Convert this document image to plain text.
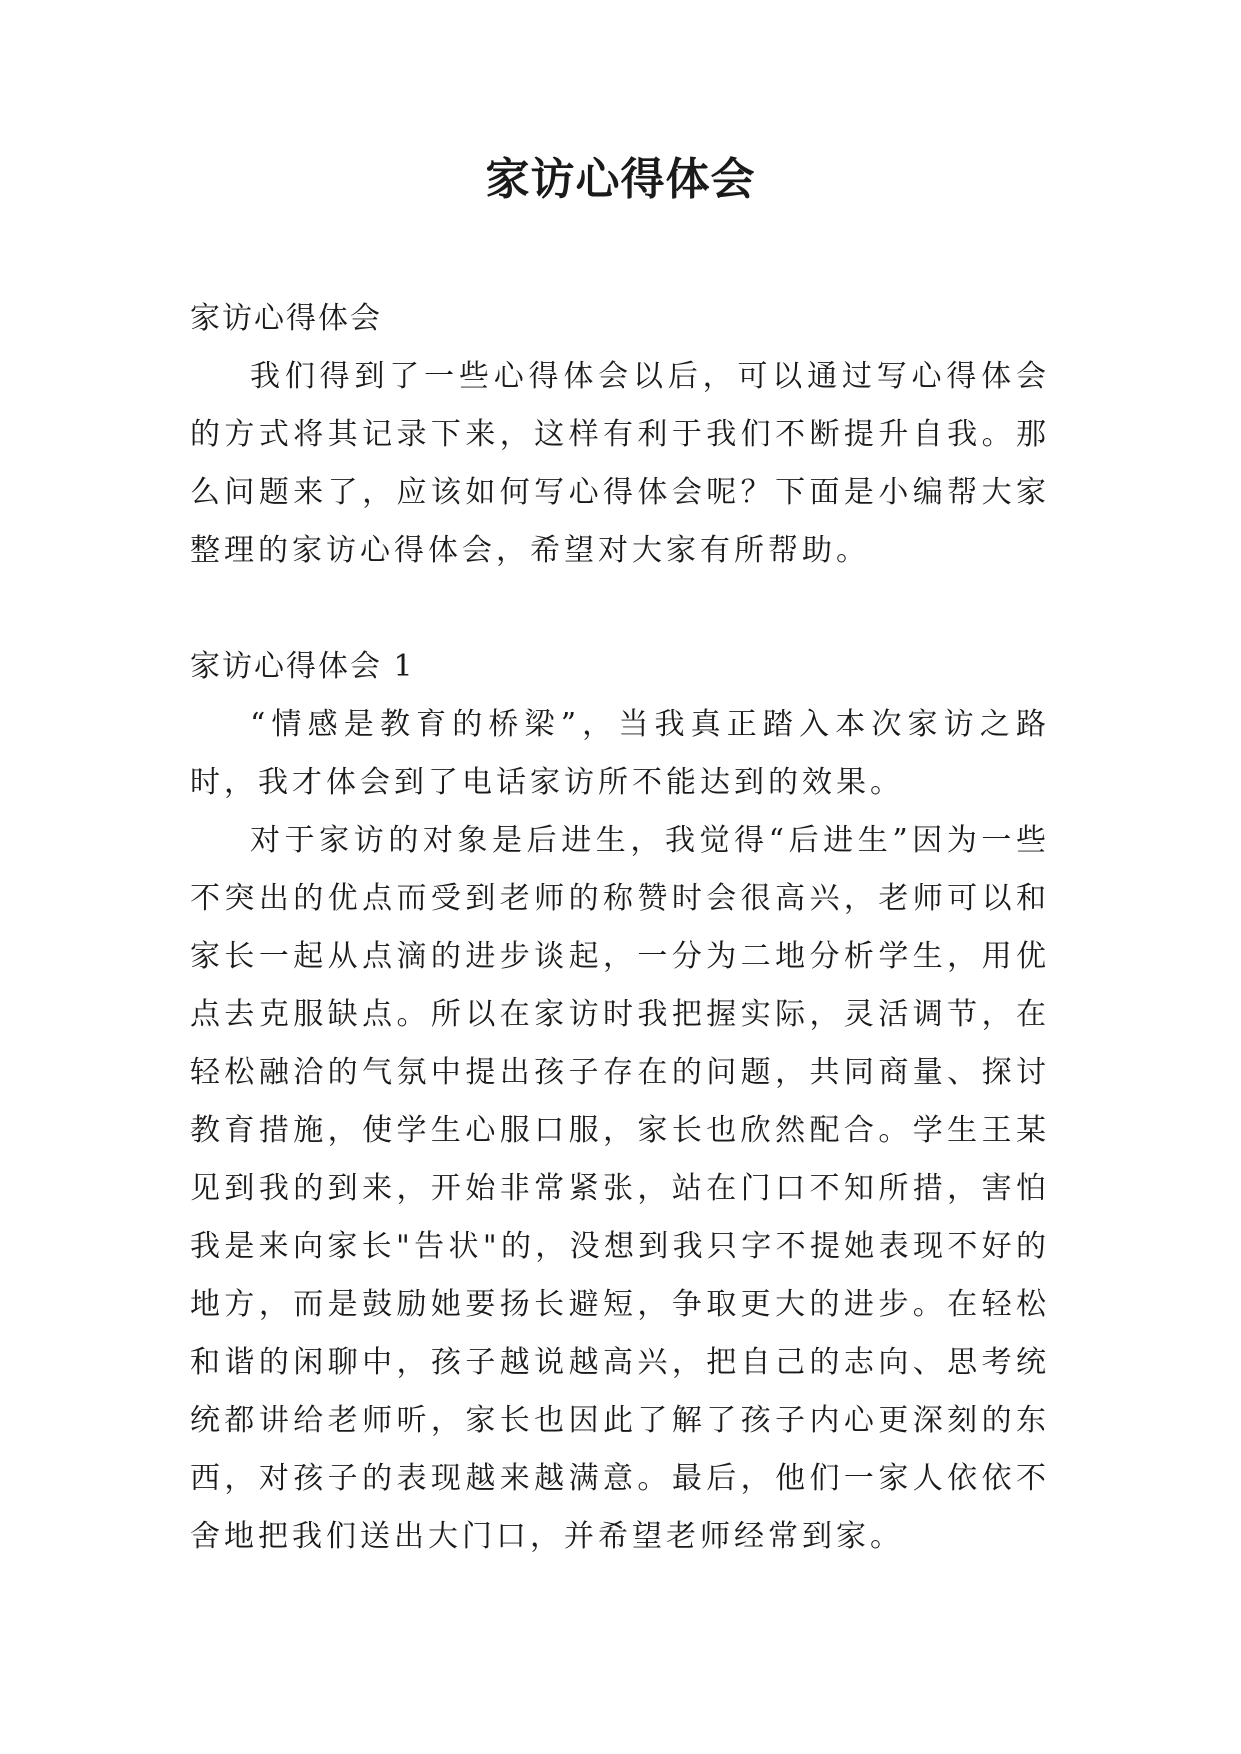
家访心得体会

家访心得体会

我们得到了一些心得体会以后，可以通过写心得体会的方式将其记录下来，这样有利于我们不断提升自我。那么问题来了，应该如何写心得体会呢？下面是小编帮大家整理的家访心得体会，希望对大家有所帮助。

家访心得体会 1

“情感是教育的桥梁”，当我真正踏入本次家访之路时，我才体会到了电话家访所不能达到的效果。

对于家访的对象是后进生，我觉得“后进生”因为一些不突出的优点而受到老师的称赞时会很高兴，老师可以和家长一起从点滴的进步谈起，一分为二地分析学生，用优点去克服缺点。所以在家访时我把握实际，灵活调节，在轻松融洽的气氛中提出孩子存在的问题，共同商量、探讨教育措施，使学生心服口服，家长也欣然配合。学生王某见到我的到来，开始非常紧张，站在门口不知所措，害怕我是来向家长"告状"的，没想到我只字不提她表现不好的地方，而是鼓励她要扬长避短，争取更大的进步。在轻松和谐的闲聊中，孩子越说越高兴，把自己的志向、思考统统都讲给老师听，家长也因此了解了孩子内心更深刻的东西，对孩子的表现越来越满意。最后，他们一家人依依不舍地把我们送出大门口，并希望老师经常到家。
